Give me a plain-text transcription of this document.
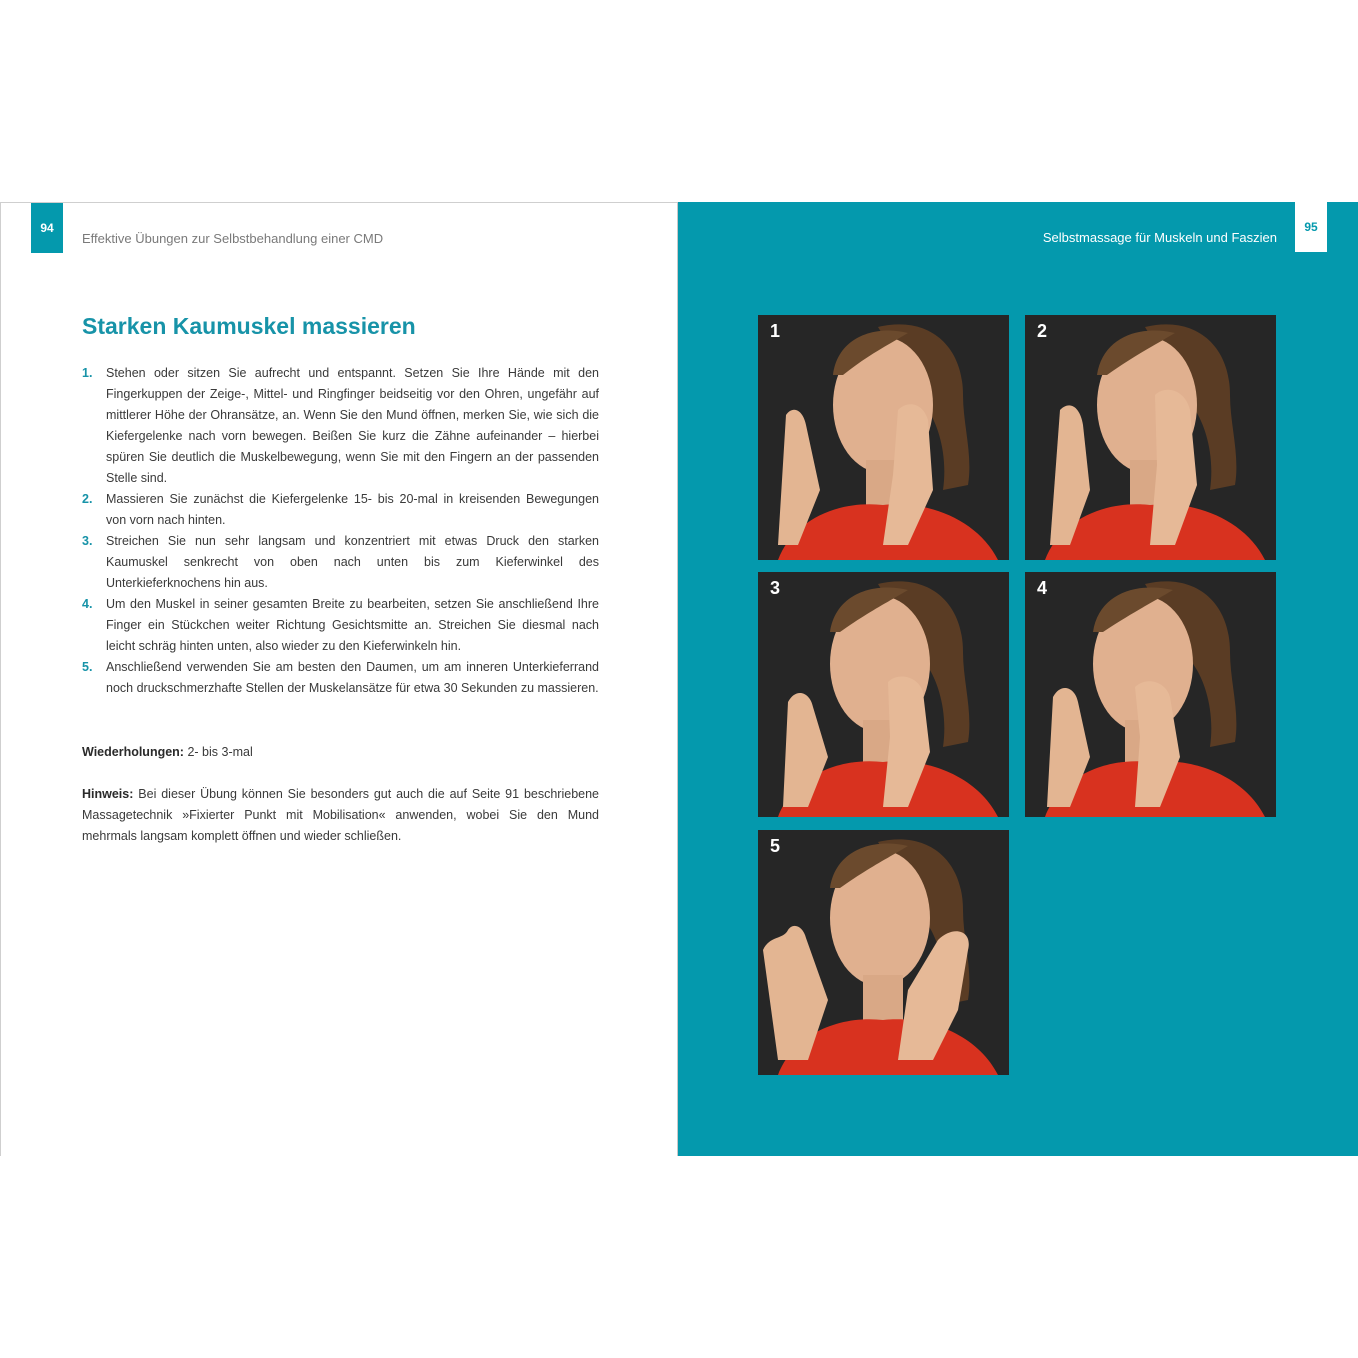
94
Effektive Übungen zur Selbstbehandlung einer CMD
Starken Kaumuskel massieren
1. Stehen oder sitzen Sie aufrecht und entspannt. Setzen Sie Ihre Hände mit den Fingerkuppen der Zeige-, Mittel- und Ringfinger beidseitig vor den Ohren, ungefähr auf mittlerer Höhe der Ohransätze, an. Wenn Sie den Mund öffnen, merken Sie, wie sich die Kiefergelenke nach vorn bewegen. Beißen Sie kurz die Zähne aufeinander – hierbei spüren Sie deutlich die Muskelbewegung, wenn Sie mit den Fingern an der passenden Stelle sind.
2. Massieren Sie zunächst die Kiefergelenke 15- bis 20-mal in kreisenden Bewegungen von vorn nach hinten.
3. Streichen Sie nun sehr langsam und konzentriert mit etwas Druck den starken Kaumuskel senkrecht von oben nach unten bis zum Kieferwinkel des Unterkieferknochens hin aus.
4. Um den Muskel in seiner gesamten Breite zu bearbeiten, setzen Sie anschließend Ihre Finger ein Stückchen weiter Richtung Gesichtsmitte an. Streichen Sie diesmal nach leicht schräg hinten unten, also wieder zu den Kieferwinkeln hin.
5. Anschließend verwenden Sie am besten den Daumen, um am inneren Unterkieferrand noch druckschmerzhafte Stellen der Muskelansätze für etwa 30 Sekunden zu massieren.

Wiederholungen: 2- bis 3-mal

Hinweis: Bei dieser Übung können Sie besonders gut auch die auf Seite 91 beschriebene Massagetechnik »Fixierter Punkt mit Mobilisation« anwenden, wobei Sie den Mund mehrmals langsam komplett öffnen und wieder schließen.

Selbstmassage für Muskeln und Faszien
95
1	2
3	4
5
